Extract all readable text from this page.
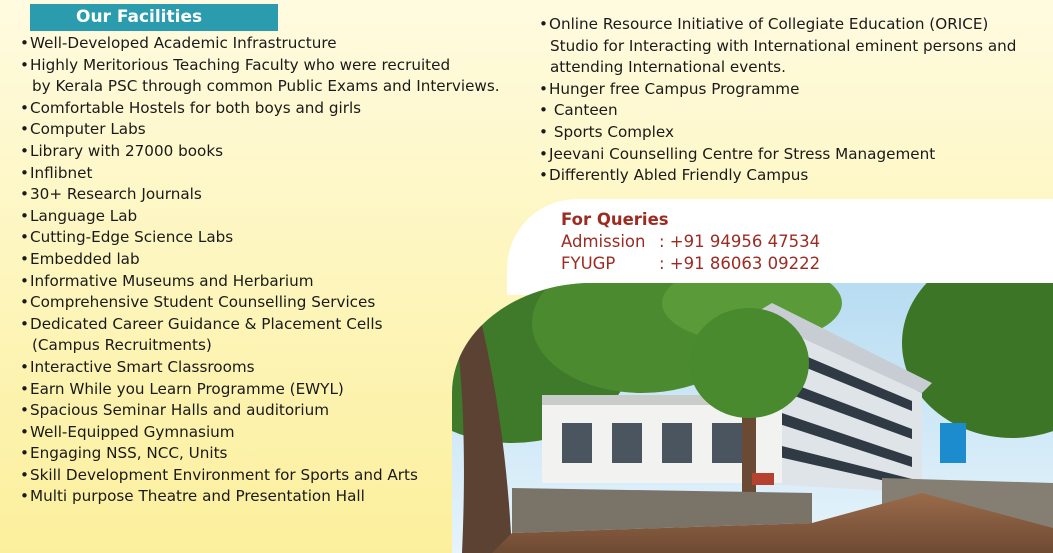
Our Facilities
• Well-Developed Academic Infrastructure
• Highly Meritorious Teaching Faculty who were recruited
by Kerala PSC through common Public Exams and Interviews.
• Comfortable Hostels for both boys and girls
• Computer Labs
• Library with 27000 books
• Inflibnet
• 30+ Research Journals
• Language Lab
• Cutting-Edge Science Labs
• Embedded lab
• Informative Museums and Herbarium
• Comprehensive Student Counselling Services
• Dedicated Career Guidance & Placement Cells
(Campus Recruitments)
• Interactive Smart Classrooms
• Earn While you Learn Programme (EWYL)
• Spacious Seminar Halls and auditorium
• Well-Equipped Gymnasium
• Engaging NSS, NCC, Units
• Skill Development Environment for Sports and Arts
• Multi purpose Theatre and Presentation Hall
• Online Resource Initiative of Collegiate Education (ORICE)
Studio for Interacting with International eminent persons and
attending International events.
• Hunger free Campus Programme
•  Canteen
•  Sports Complex
• Jeevani Counselling Centre for Stress Management
• Differently Abled Friendly Campus
For Queries
Admission : +91 94956 47534
FYUGP	: +91 86063 09222
